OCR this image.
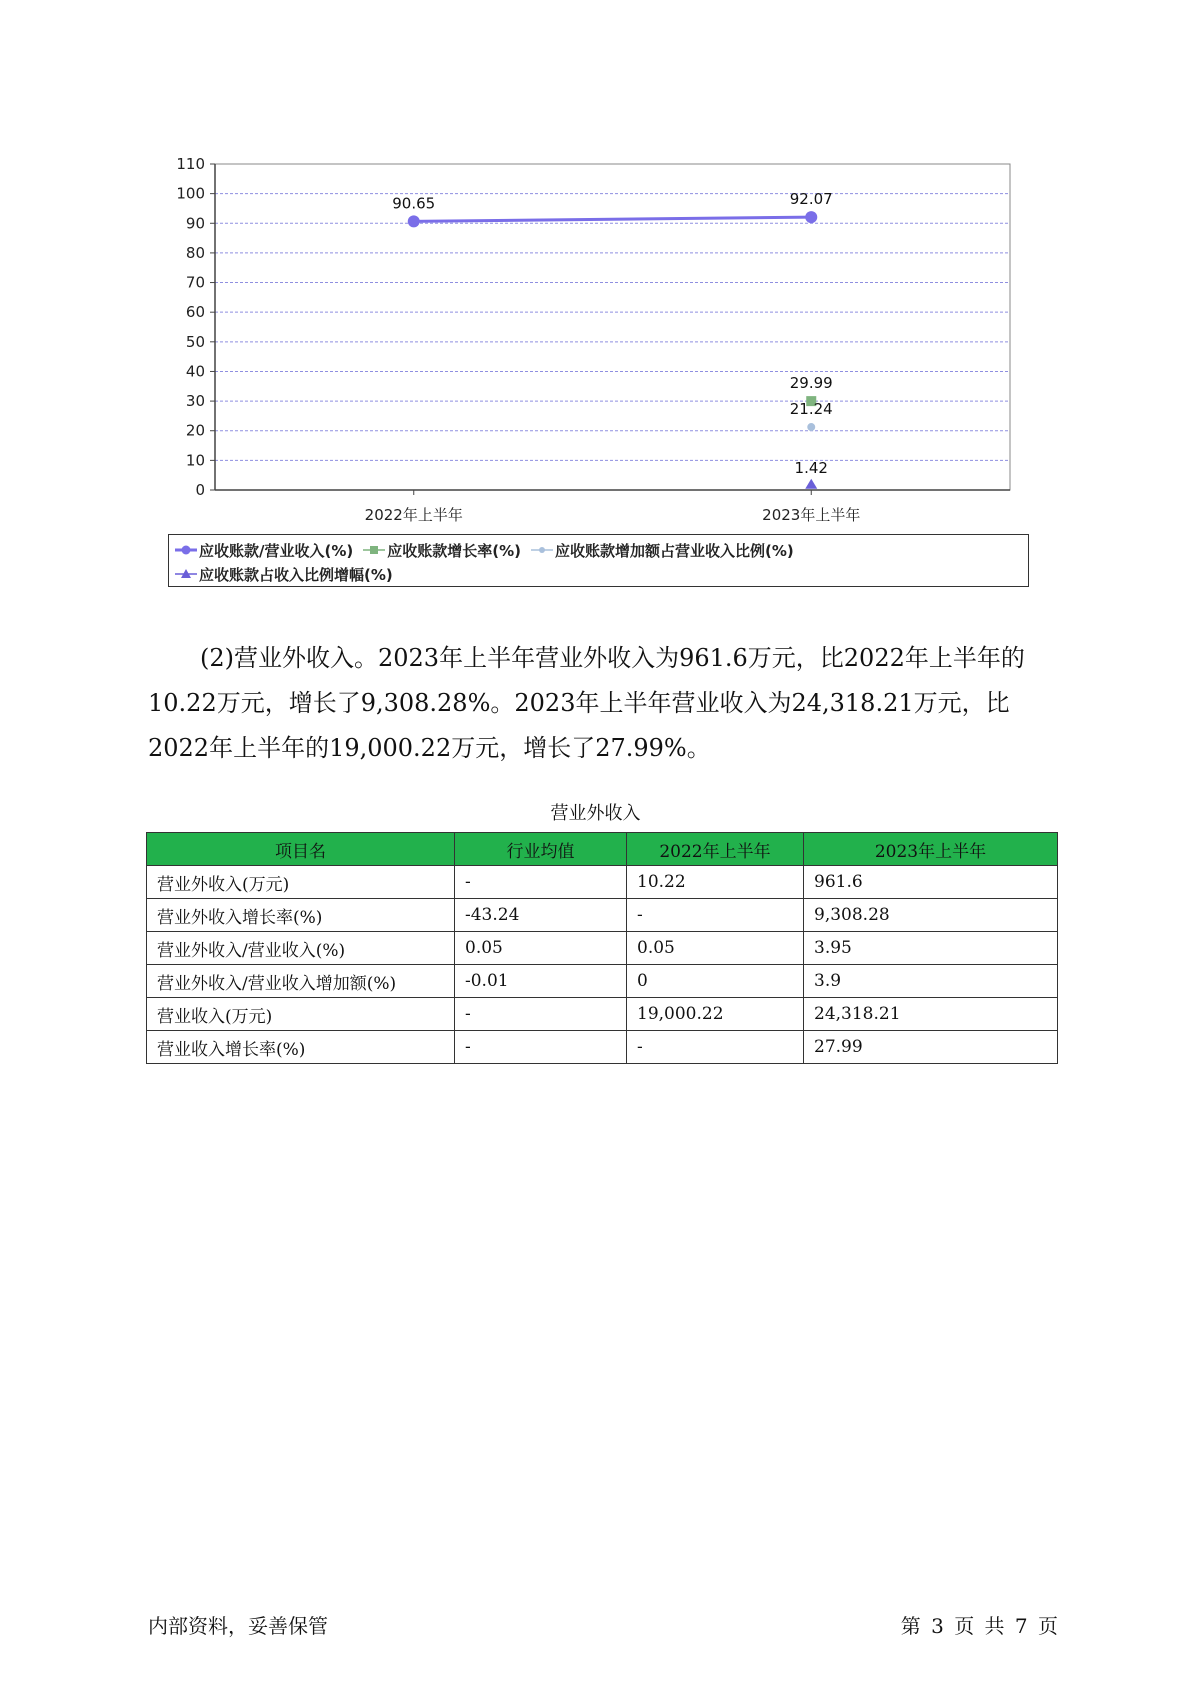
0
10
20
30
40
50
60
70
80
90
100
110
2022年上半年	2023年上半年
90.65	92.07
29.99
21.24
1.42
应收账款/营业收入(%) 应收账款增长率(%) 应收账款增加额占营业收入比例(%)
应收账款占收入比例增幅(%)

(2)营业外收入。2023年上半年营业外收入为961.6万元，比2022年上半年的10.22万元，增长了9,308.28%。2023年上半年营业收入为24,318.21万元，比2022年上半年的19,000.22万元，增长了27.99%。

营业外收入
项目名	行业均值	2022年上半年	2023年上半年
营业外收入(万元)	-	10.22	961.6
营业外收入增长率(%)	-43.24	-	9,308.28
营业外收入/营业收入(%)	0.05	0.05	3.95
营业外收入/营业收入增加额(%)	-0.01	0	3.9
营业收入(万元)	-	19,000.22	24,318.21
营业收入增长率(%)	-	-	27.99

内部资料，妥善保管	第 3 页 共 7 页
